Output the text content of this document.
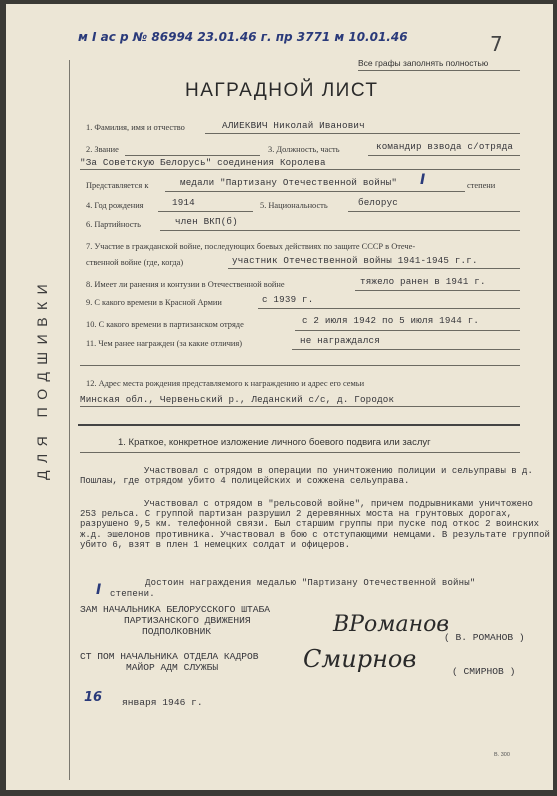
м I ас р № 86994 23.01.46 г. пр 3771 м 10.01.46	7
Все графы заполнять полностью
НАГРАДНОЙ ЛИСТ
ДЛЯ ПОДШИВКИ
1. Фамилия, имя и отчество	АЛИЕКВИЧ Николай Иванович
2. Звание	3. Должность, часть	командир взвода с/отряда
"За Советскую Белорусь" соединения Королева
Представляется к	медали "Партизану Отечественной войны" I	степени
4. Год рождения	1914	5. Национальность	белорус
6. Партийность	член ВКП(б)
7. Участие в гражданской войне, последующих боевых действиях по защите СССР в Отече-
ственной войне (где, когда)	участник Отечественной войны 1941-1945 г.г.
8. Имеет ли ранения и контузии в Отечественной войне	тяжело ранен в 1941 г.
9. С какого времени в Красной Армии	с 1939 г.
10. С какого времени в партизанском отряде	с 2 июля 1942 по 5 июля 1944 г.
11. Чем ранее награжден (за какие отличия)	не награждался
12. Адрес места рождения представляемого к награждению и адрес его семьи
Минская обл., Червеньский р., Леданский с/с, д. Городок
1. Краткое, конкретное изложение личного боевого подвига или заслуг
Участвовал с отрядом в операции по уничтожению полиции и сельуправы в д. Пошлаы, где отрядом убито 4 полицейских и сожжена сельуправа.
Участвовал с отрядом в "рельсовой войне", причем подрывниками уничтожено 253 рельса. С группой партизан разрушил 2 деревянных моста на грунтовых дорогах, разрушено 9,5 км. телефонной связи. Был старшим группы при пуске под откос 2 воинских ж.д. эшелонов противника. Участвовал в бою с отступающими немцами. В результате группой убито 6, взят в плен 1 немецких солдат и офицеров.
Достоин награждения медалью "Партизану Отечественной войны"
I степени.
ЗАМ НАЧАЛЬНИКА БЕЛОРУССКОГО ШТАБА
ПАРТИЗАНСКОГО ДВИЖЕНИЯ
ПОДПОЛКОВНИК	ВРоманов
( В. РОМАНОВ )
СТ ПОМ НАЧАЛЬНИКА ОТДЕЛА КАДРОВ
МАЙОР АДМ СЛУЖБЫ	Смирнов	( СМИРНОВ )
16 января 1946 г.
В. 300
